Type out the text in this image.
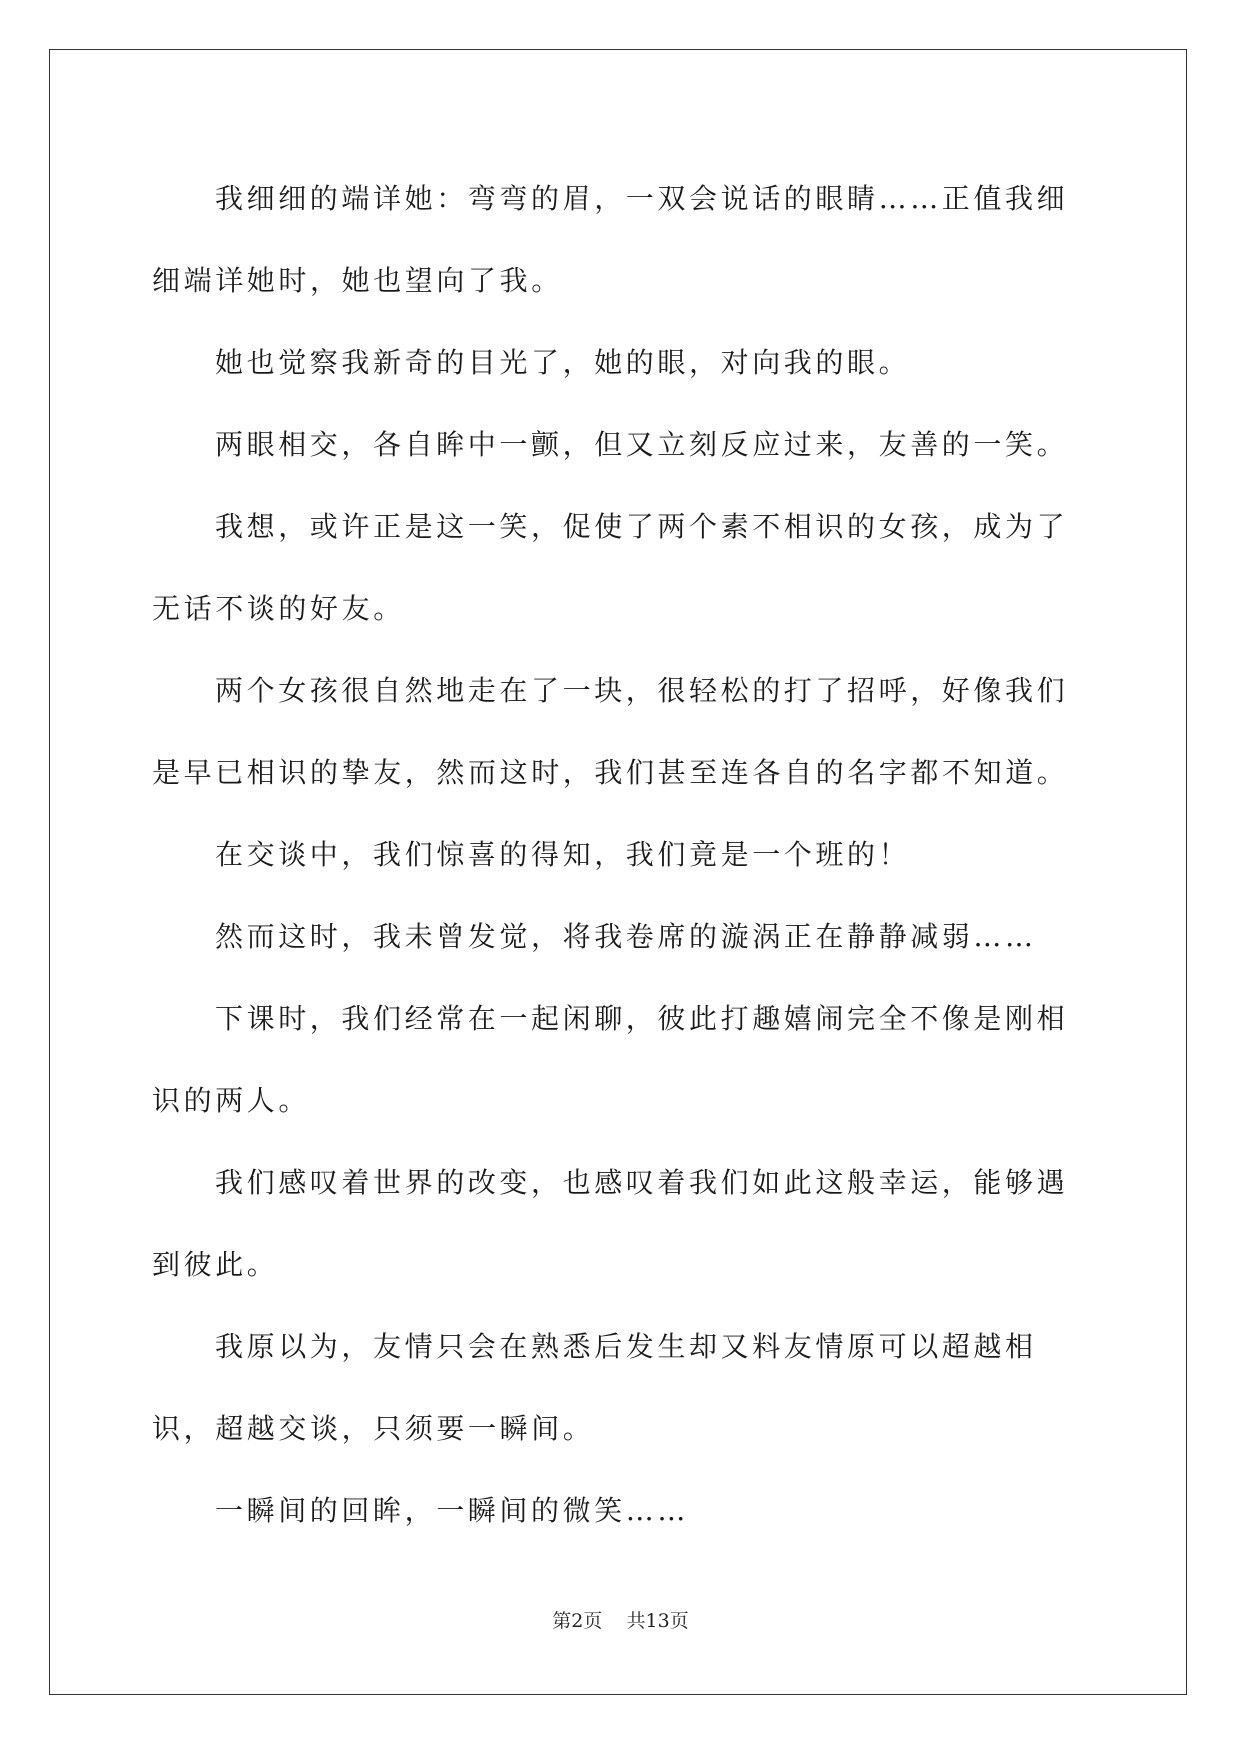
我细细的端详她：弯弯的眉，一双会说话的眼睛……正值我细细端详她时，她也望向了我。

她也觉察我新奇的目光了，她的眼，对向我的眼。

两眼相交，各自眸中一颤，但又立刻反应过来，友善的一笑。

我想，或许正是这一笑，促使了两个素不相识的女孩，成为了无话不谈的好友。

两个女孩很自然地走在了一块，很轻松的打了招呼，好像我们是早已相识的挚友，然而这时，我们甚至连各自的名字都不知道。

在交谈中，我们惊喜的得知，我们竟是一个班的！

然而这时，我未曾发觉，将我卷席的漩涡正在静静减弱……

下课时，我们经常在一起闲聊，彼此打趣嬉闹完全不像是刚相识的两人。

我们感叹着世界的改变，也感叹着我们如此这般幸运，能够遇到彼此。

我原以为，友情只会在熟悉后发生却又料友情原可以超越相识，超越交谈，只须要一瞬间。

一瞬间的回眸，一瞬间的微笑……

第2页 共13页
